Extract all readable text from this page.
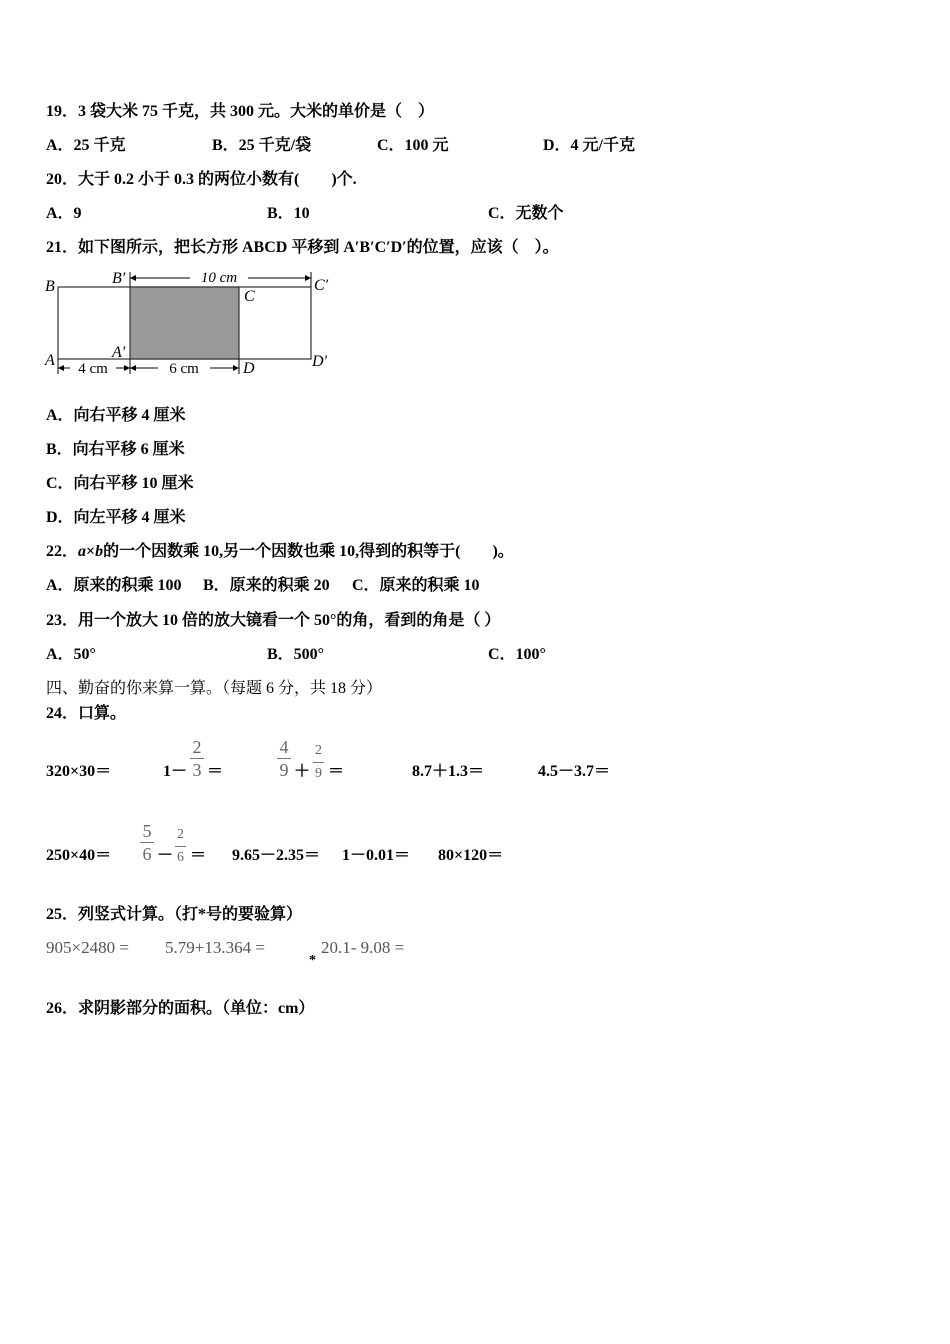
19．3 袋大米 75 千克，共 300 元。大米的单价是（　）
A．25 千克	B．25 千克/袋	C．100 元	D．4 元/千克
20．大于 0.2 小于 0.3 的两位小数有(　　)个.
A．9	B．10	C．无数个
21．如下图所示，把长方形 ABCD 平移到 A′B′C′D′的位置，应该（　）。
10 cm
4 cm	6 cm
B	B′
C
C′
A	A′
D	D′
A．向右平移 4 厘米
B．向右平移 6 厘米
C．向右平移 10 厘米
D．向左平移 4 厘米
22．a×b的一个因数乘 10,另一个因数也乘 10,得到的积等于(　　)。
A．原来的积乘 100 B．原来的积乘 20 C．原来的积乘 10
23．用一个放大 10 倍的放大镜看一个 50°的角，看到的角是（ ）
A．50°	B．500°	C．100°
四、勤奋的你来算一算。（每题 6 分，共 18 分）
24．口算。
320×30＝	1－
2
3 ＝
4
9 ＋
2
9 ＝	8.7＋1.3＝	4.5－3.7＝
250×40＝
5
6 －
2
6 ＝ 9.65－2.35＝ 1－0.01＝ 80×120＝
25．列竖式计算。（打*号的要验算）
905×2480 = 5.79+13.364 =
*
20.1- 9.08 =
26．求阴影部分的面积。（单位：cm）
